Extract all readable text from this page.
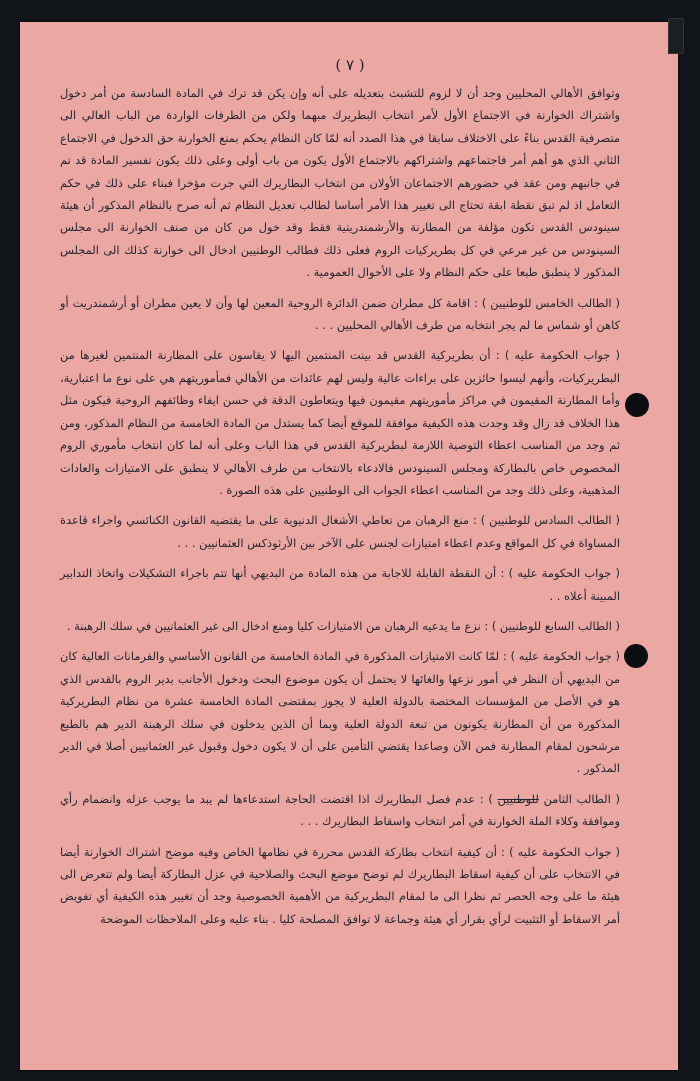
( ٧ )

وتوافق الأهالي المحليين وجد أن لا لزوم للتشبث بتعديله على أنه وإن يكن قد ترك في المادة السادسة من أمر دخول واشتراك الخوارنة في الاجتماع الأول لأمر انتخاب البطريرك مبهما ولكن من الطرفات الواردة من الباب العالي الى متصرفية القدس بناءً على الاختلاف سابقا في هذا الصدد أنه لمّا كان النظام يحكم بمنع الخوارنة حق الدخول في الاجتماع الثاني الذي هو أهم أمر فاجتماعهم واشتراكهم بالاجتماع الأول يكون من باب أولى وعلى ذلك يكون تفسير المادة قد تم في جانبهم ومن عقد في حضورهم الاجتماعان الأولان من انتخاب البطاريرك التي جرت مؤخرا فبناء على ذلك في حكم التعامل اذ لم تبق نقطة ابقة تحتاج الى تغيير هذا الأمر أساسا لطالب تعديل النظام ثم أنه صرح بالنظام المذكور أن هيئة سينودس القدس تكون مؤلفة من المطارنة والأرشمندريتية فقط وقد خول من كان من صنف الخوارنة الى مجلس السينودس من غير مرعي في كل بطريركيات الروم فعلى ذلك فطالب الوطنيين ادخال الى خوارنة كذلك الى المجلس المذكور لا ينطبق طبعا على حكم النظام ولا على الأحوال العمومية .

( الطالب الخامس للوطنيين ) : اقامة كل مطران ضمن الدائرة الروحية المعين لها وأن لا يعين مطران أو أرشمندريت أو كاهن أو شماس ما لم يجر انتخابه من طرف الأهالي المحليين . . .

( جواب الحكومة عليه ) : أن بطريركية القدس قد بينت المنتمين اليها لا يقاسون على المطارنة المنتمين لغيرها من البطريركيات، وأنهم ليسوا حائزين على براءات عالية وليس لهم عائدات من الأهالي فمأموريتهم هي على نوع ما اعتبارية، وأما المطارنة المقيمون في مراكز مأموريتهم مقيمون فيها ويتعاطون الدقة في حسن ايفاء وظائفهم الروحية فيكون مثل هذا الخلاف قد زال وقد وجدت هذه الكيفية موافقة للموقع أيضا كما يستدل من المادة الخامسة من النظام المذكور، ومن ثم وجد من المناسب اعطاء التوصية اللازمة لبطريركية القدس في هذا الباب وعلى أنه لما كان انتخاب مأموري الروم المخصوص خاص بالبطاركة ومجلس السينودس فالادعاء بالانتخاب من طرف الأهالي لا ينطبق على الامتيازات والعادات المذهبية، وعلى ذلك وجد من المناسب اعطاء الجواب الى الوطنيين على هذه الصورة .

( الطالب السادس للوطنيين ) : منع الرهبان من تعاطي الأشغال الدنيوية على ما يقتضيه القانون الكنائسي واجراء قاعدة المساواة في كل المواقع وعدم اعطاء امتيازات لجنس على الآخر بين الأرثوذكس العثمانيين . . .

( جواب الحكومة عليه ) : أن النقطة القابلة للاجابة من هذه المادة من البديهي أنها تتم باجراء التشكيلات واتخاذ التدابير المبينة أعلاه . .

( الطالب السابع للوطنيين ) : نزع ما يدعيه الرهبان من الامتيازات كليا ومنع ادخال الى غير العثمانيين في سلك الرهبنة .

( جواب الحكومة عليه ) : لمّا كانت الامتيازات المذكورة في المادة الخامسة من القانون الأساسي والفرمانات العالية كان من البديهي أن النظر في أمور نزعها والغائها لا يحتمل أن يكون موضوع البحث ودخول الأجانب بدير الروم بالقدس الذي هو في الأصل من المؤسسات المختصة بالدولة العلية لا يجوز بمقتضى المادة الخامسة عشرة من نظام البطريركية المذكورة من أن المطارنة يكونون من تبعة الدولة العلية وبما أن الذين يدخلون في سلك الرهبنة الدير هم بالطبع مرشحون لمقام المطارنة فمن الآن وصاعدا يقتضي التأمين على أن لا يكون دخول وقبول غير العثمانيين أصلا في الدير المذكور .

( الطالب الثامن للوطنيين ) : عدم فصل البطاريرك اذا اقتضت الحاجة استدعاءها لم يبد ما يوجب عزله وانضمام رأي وموافقة وكلاء الملة الخوارنة في أمر انتخاب واسقاط البطاريرك . . .

( جواب الحكومة عليه ) : أن كيفية انتخاب بطاركة القدس محررة في نظامها الخاص وفيه موضح اشتراك الخوارنة أيضا في الانتخاب على أن كيفية اسقاط البطاريرك لم توضح موضع البحث والصلاحية في عزل البطاركة أيضا ولم تتعرض الى هيئة ما على وجه الحصر ثم نظرا الى ما لمقام البطريركية من الأهمية الخصوصية وجد أن تغيير هذه الكيفية أي تفويض أمر الاسقاط أو التثبيت لرأي بقرار أي هيئة وجماعة لا توافق المصلحة كليا . بناء عليه وعلى الملاحظات الموضحة
